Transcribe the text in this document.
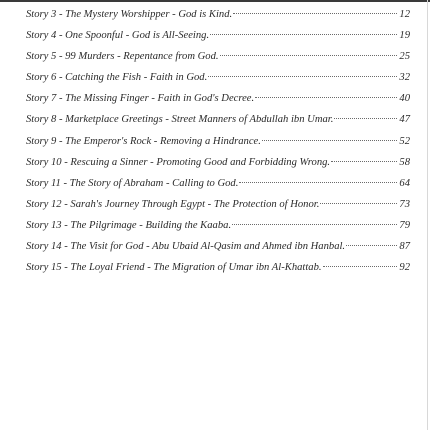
Story 3 - The Mystery Worshipper - God is Kind.	12
Story 4 - One Spoonful - God is All-Seeing.	19
Story 5 - 99 Murders - Repentance from God.	25
Story 6 - Catching the Fish - Faith in God.	32
Story 7 - The Missing Finger - Faith in God's Decree.	40
Story 8 - Marketplace Greetings - Street Manners of Abdullah ibn Umar.	47
Story 9 - The Emperor's Rock - Removing a Hindrance.	52
Story 10 - Rescuing a Sinner - Promoting Good and Forbidding Wrong.	58
Story 11 - The Story of Abraham - Calling to God.	64
Story 12 - Sarah's Journey Through Egypt - The Protection of Honor.	73
Story 13 - The Pilgrimage - Building the Kaaba.	79
Story 14 - The Visit for God - Abu Ubaid Al-Qasim and Ahmed ibn Hanbal.	87
Story 15 - The Loyal Friend - The Migration of Umar ibn Al-Khattab.	92
